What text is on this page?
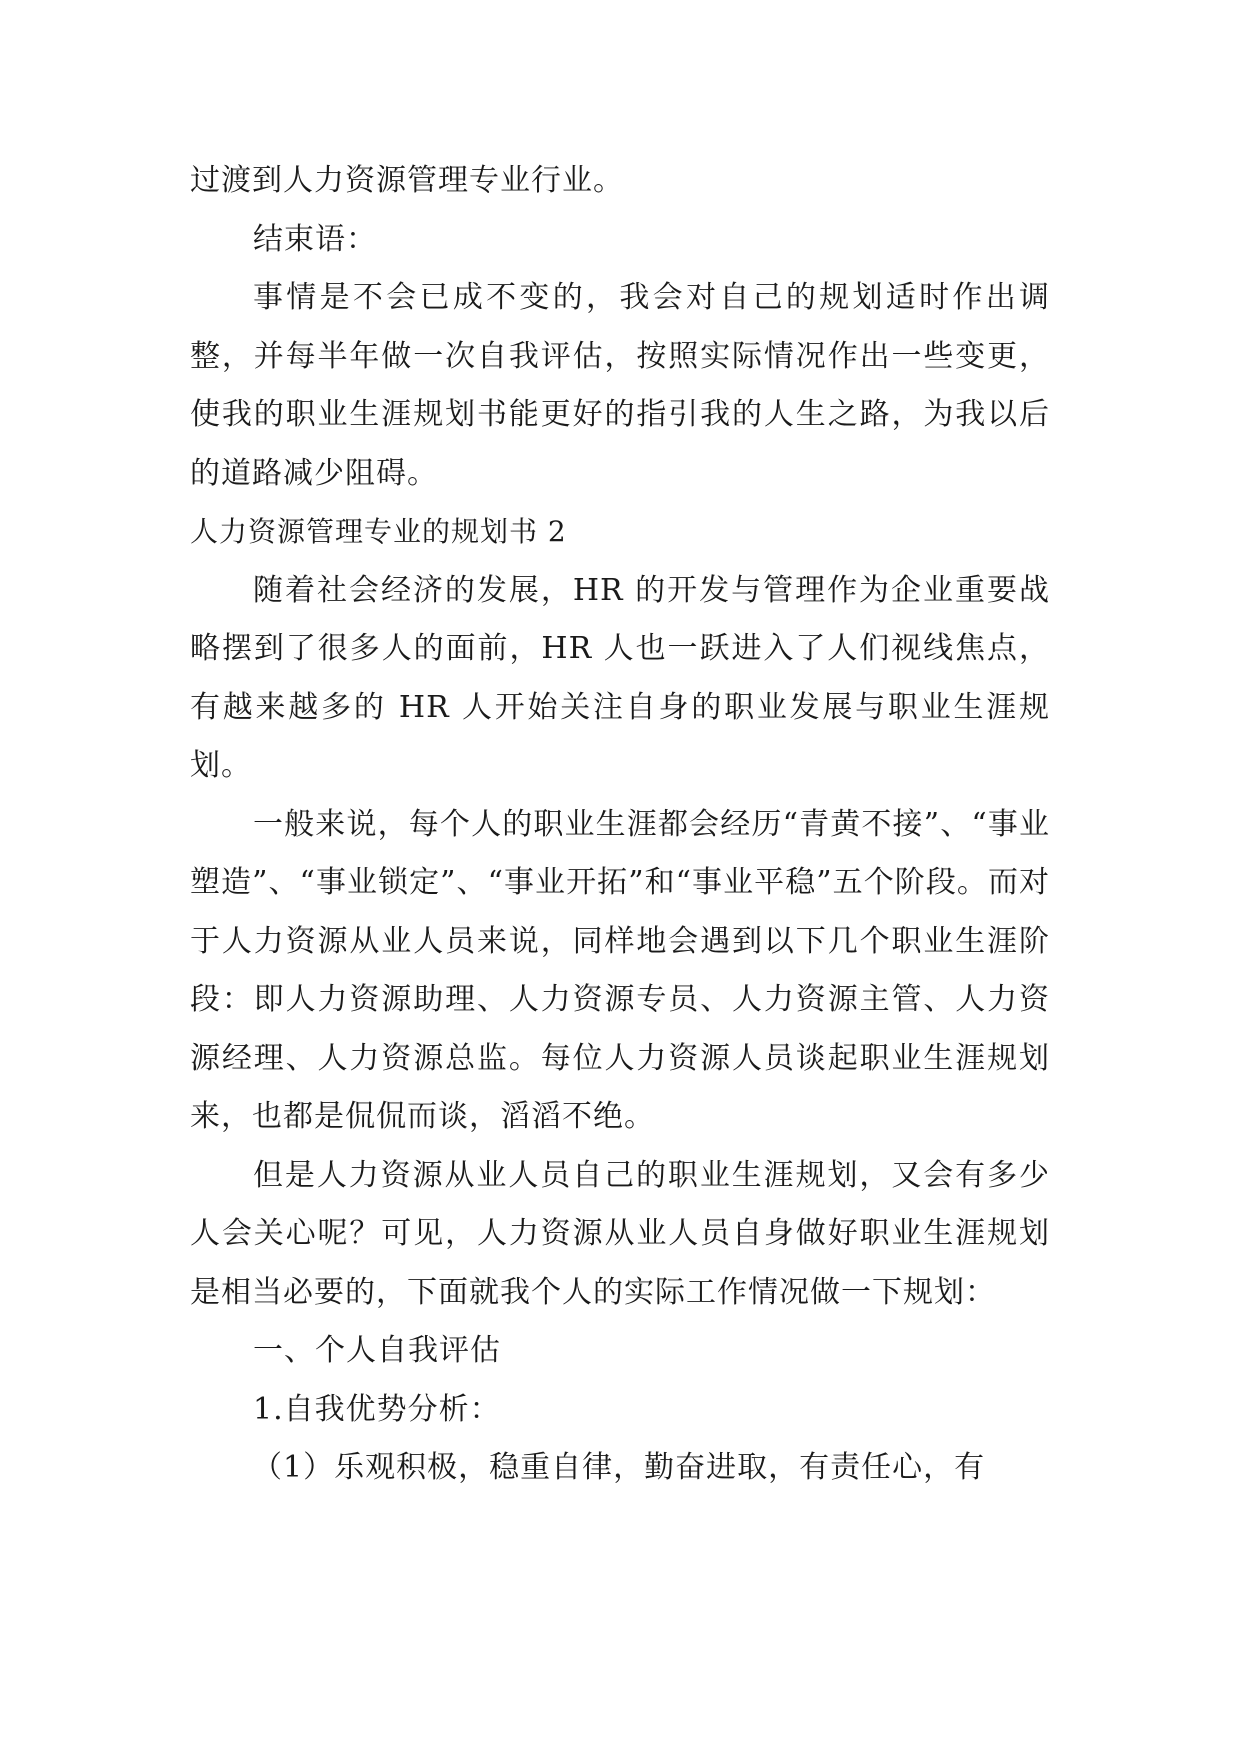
过渡到人力资源管理专业行业。

结束语：

事情是不会已成不变的，我会对自己的规划适时作出调整，并每半年做一次自我评估，按照实际情况作出一些变更，使我的职业生涯规划书能更好的指引我的人生之路，为我以后的道路减少阻碍。

人力资源管理专业的规划书 2

随着社会经济的发展，HR 的开发与管理作为企业重要战略摆到了很多人的面前，HR 人也一跃进入了人们视线焦点，有越来越多的 HR 人开始关注自身的职业发展与职业生涯规划。

一般来说，每个人的职业生涯都会经历“青黄不接”、“事业塑造”、“事业锁定”、“事业开拓”和“事业平稳”五个阶段。而对于人力资源从业人员来说，同样地会遇到以下几个职业生涯阶段：即人力资源助理、人力资源专员、人力资源主管、人力资源经理、人力资源总监。每位人力资源人员谈起职业生涯规划来，也都是侃侃而谈，滔滔不绝。

但是人力资源从业人员自己的职业生涯规划，又会有多少人会关心呢？可见，人力资源从业人员自身做好职业生涯规划是相当必要的，下面就我个人的实际工作情况做一下规划：

一、个人自我评估

1.自我优势分析：

（1）乐观积极，稳重自律，勤奋进取，有责任心，有
